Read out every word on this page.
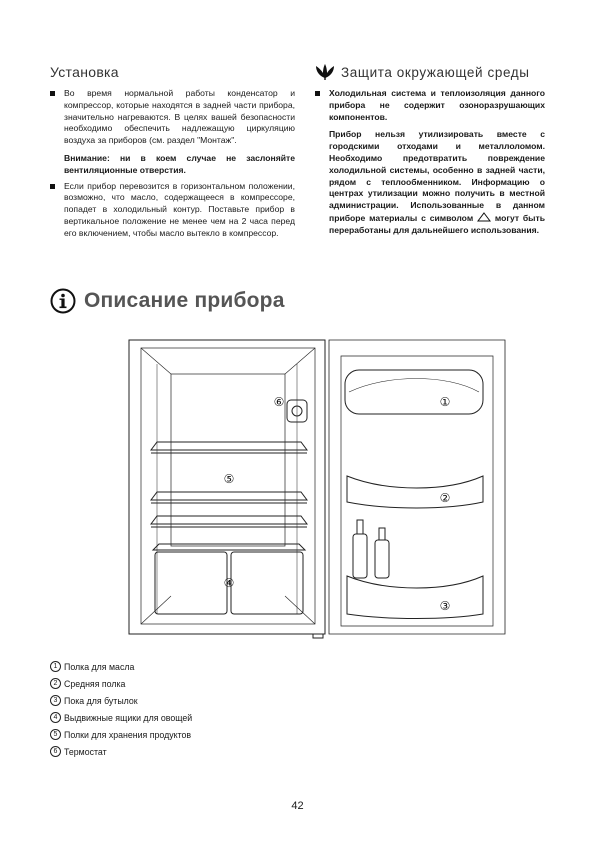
Установка
Во время нормальной работы конденсатор и компрессор, которые находятся в задней части прибора, значительно нагреваются. В целях вашей безопасности необходимо обеспечить надлежащую циркуляцию воздуха за приборов (см. раздел "Монтаж".
Внимание: ни в коем случае не заслоняйте вентиляционные отверстия.
Если прибор перевозится в горизонтальном положении, возможно, что масло, содержащееся в компрессоре, попадет в холодильный контур. Поставьте прибор в вертикальное положение не менее чем на 2 часа перед его включением, чтобы масло вытекло в компрессор.
Защита окружающей среды
Холодильная система и теплоизоляция данного прибора не содержит озоноразрушающих компонентов.
Прибор нельзя утилизировать вместе с городскими отходами и металлоломом. Необходимо предотвратить повреждение холодильной системы, особенно в задней части, рядом с теплообменником. Информацию о центрах утилизации можно получить в местной администрации. Использованные в данном приборе материалы с символом	могут быть переработаны для дальнейшего использования.
Описание прибора
①
②
③
④
⑤
⑥
1 Полка для масла
2 Средняя полка
3 Пока для бутылок
4 Выдвижные ящики для овощей
5 Полки для хранения продуктов
6 Термостат
42
